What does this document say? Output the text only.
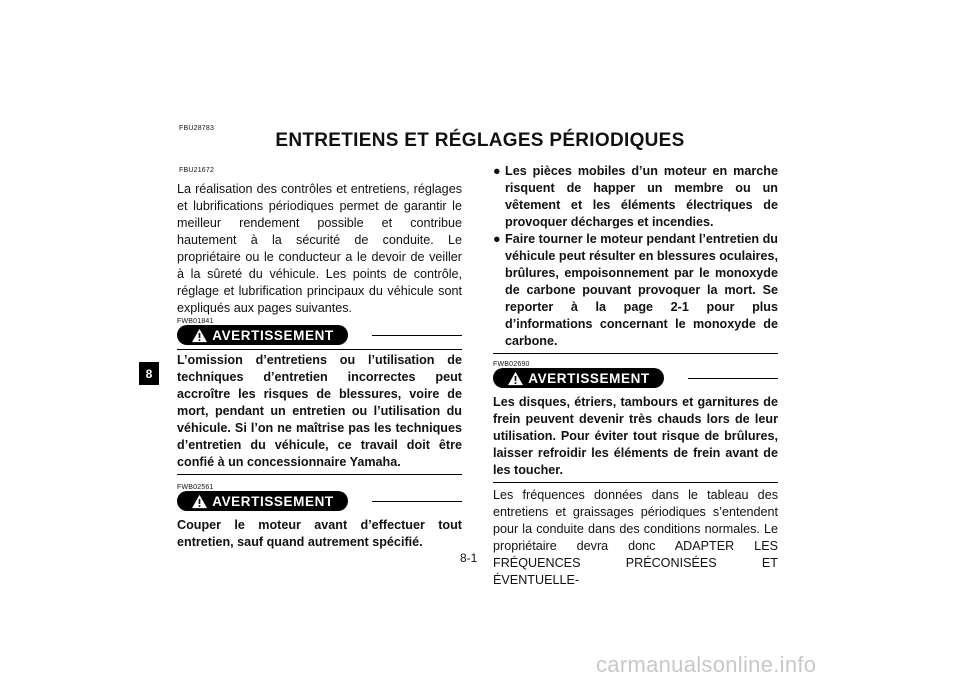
FBU28783
ENTRETIENS ET RÉGLAGES PÉRIODIQUES
FBU21672
8

La réalisation des contrôles et entretiens, réglages et lubrifications périodiques permet de garantir le meilleur rendement possible et contribue hautement à la sécurité de conduite. Le propriétaire ou le conducteur a le devoir de veiller à la sûreté du véhicule. Les points de contrôle, réglage et lubrification principaux du véhicule sont expliqués aux pages suivantes.

FWB01841
AVERTISSEMENT

L’omission d’entretiens ou l’utilisation de techniques d’entretien incorrectes peut accroître les risques de blessures, voire de mort, pendant un entretien ou l’utilisation du véhicule. Si l’on ne maîtrise pas les techniques d’entretien du véhicule, ce travail doit être confié à un concessionnaire Yamaha.

FWB02561
AVERTISSEMENT

Couper le moteur avant d’effectuer tout entretien, sauf quand autrement spécifié.

● Les pièces mobiles d’un moteur en marche risquent de happer un membre ou un vêtement et les éléments électriques de provoquer décharges et incendies.
● Faire tourner le moteur pendant l’entretien du véhicule peut résulter en blessures oculaires, brûlures, empoisonnement par le monoxyde de carbone pouvant provoquer la mort. Se reporter à la page 2-1 pour plus d’informations concernant le monoxyde de carbone.
FWB02690
AVERTISSEMENT

Les disques, étriers, tambours et garnitures de frein peuvent devenir très chauds lors de leur utilisation. Pour éviter tout risque de brûlures, laisser refroidir les éléments de frein avant de les toucher.

Les fréquences données dans le tableau des entretiens et graissages périodiques s’entendent pour la conduite dans des conditions normales. Le propriétaire devra donc ADAPTER LES FRÉQUENCES PRÉCONISÉES ET ÉVENTUELLE-

8-1
carmanualsonline.info
